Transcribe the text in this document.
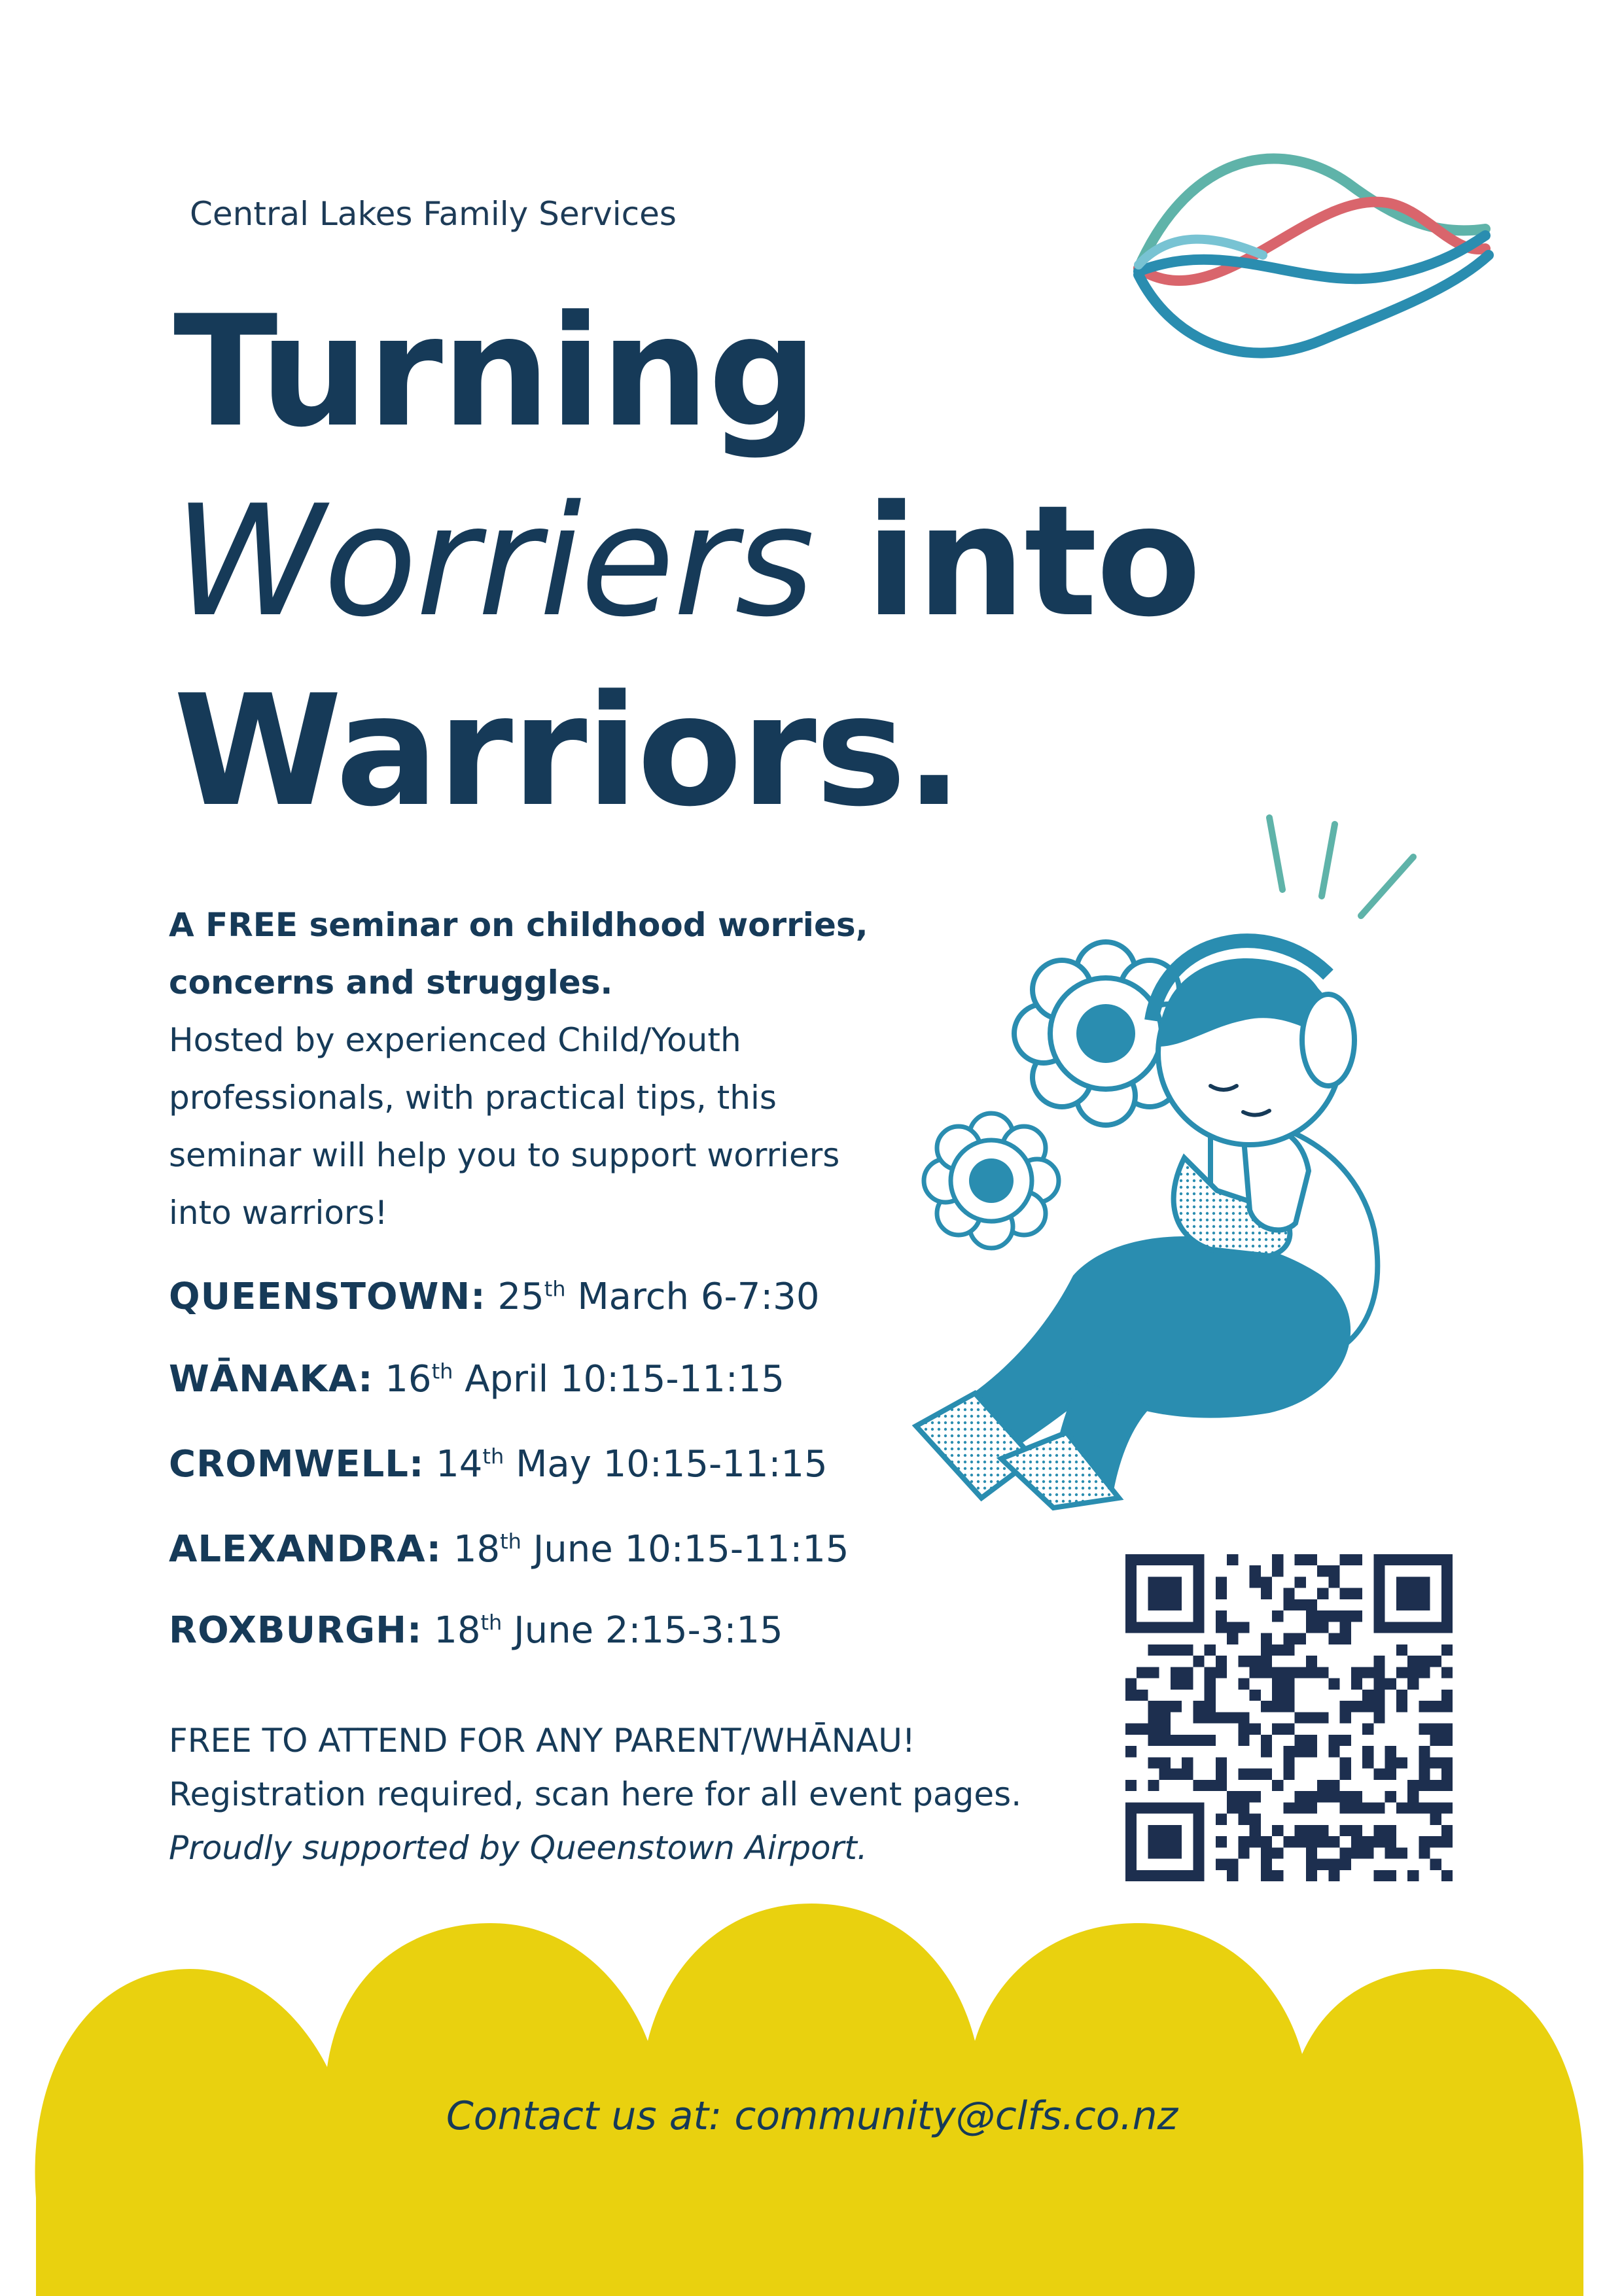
Central Lakes Family Services
Turning
Worriers into
Warriors.
A FREE seminar on childhood worries, concerns and struggles.
Hosted by experienced Child/Youth professionals, with practical tips, this seminar will help you to support worriers into warriors!
QUEENSTOWN: 25th March 6-7:30
WĀNAKA: 16th April 10:15-11:15
CROMWELL: 14th May 10:15-11:15
ALEXANDRA: 18th June 10:15-11:15
ROXBURGH: 18th June 2:15-3:15
FREE TO ATTEND FOR ANY PARENT/WHĀNAU!
Registration required, scan here for all event pages.
Proudly supported by Queenstown Airport.
Contact us at: community@clfs.co.nz
